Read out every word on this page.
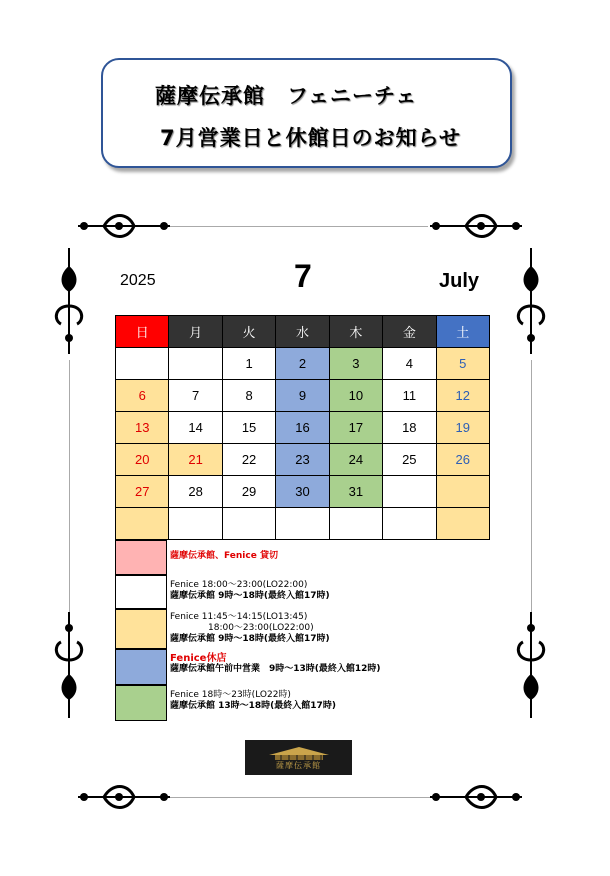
薩摩伝承館　フェニーチェ
7月営業日と休館日のお知らせ
2025	7	July
日	月	火	水	木	金	土
		1	2	3	4	5
6	7	8	9	10	11	12
13	14	15	16	17	18	19
20	21	22	23	24	25	26
27	28	29	30	31		

薩摩伝承館、Fenice 貸切
Fenice 18:00～23:00(LO22:00)
薩摩伝承館 9時～18時(最終入館17時)
Fenice 11:45～14:15(LO13:45)
18:00～23:00(LO22:00)
薩摩伝承館 9時～18時(最終入館17時)
Fenice休店
薩摩伝承館午前中営業　9時～13時(最終入館12時)
Fenice 18時～23時(LO22時)
薩摩伝承館 13時～18時(最終入館17時)
薩摩伝承館
